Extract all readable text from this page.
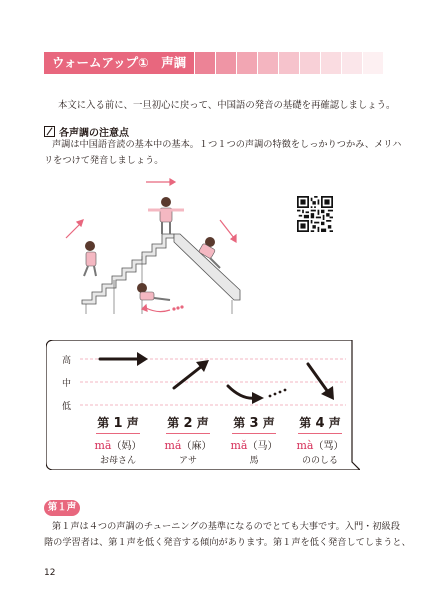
ウォームアップ①　声調
本文に入る前に、一旦初心に戻って、中国語の発音の基礎を再確認しましょう。
各声調の注意点
声調は中国語音読の基本中の基本。１つ１つの声調の特徴をしっかりつかみ、メリハ
リをつけて発音しましょう。
高
中
低
第 1 声
mā（妈）
お母さん
第 2 声
má（麻）
アサ
第 3 声
mǎ（马）
馬
第 4 声
mà（骂）
ののしる
第１声
第１声は４つの声調のチューニングの基準になるのでとても大事です。入門・初級段
階の学習者は、第１声を低く発音する傾向があります。第１声を低く発音してしまうと、
12
